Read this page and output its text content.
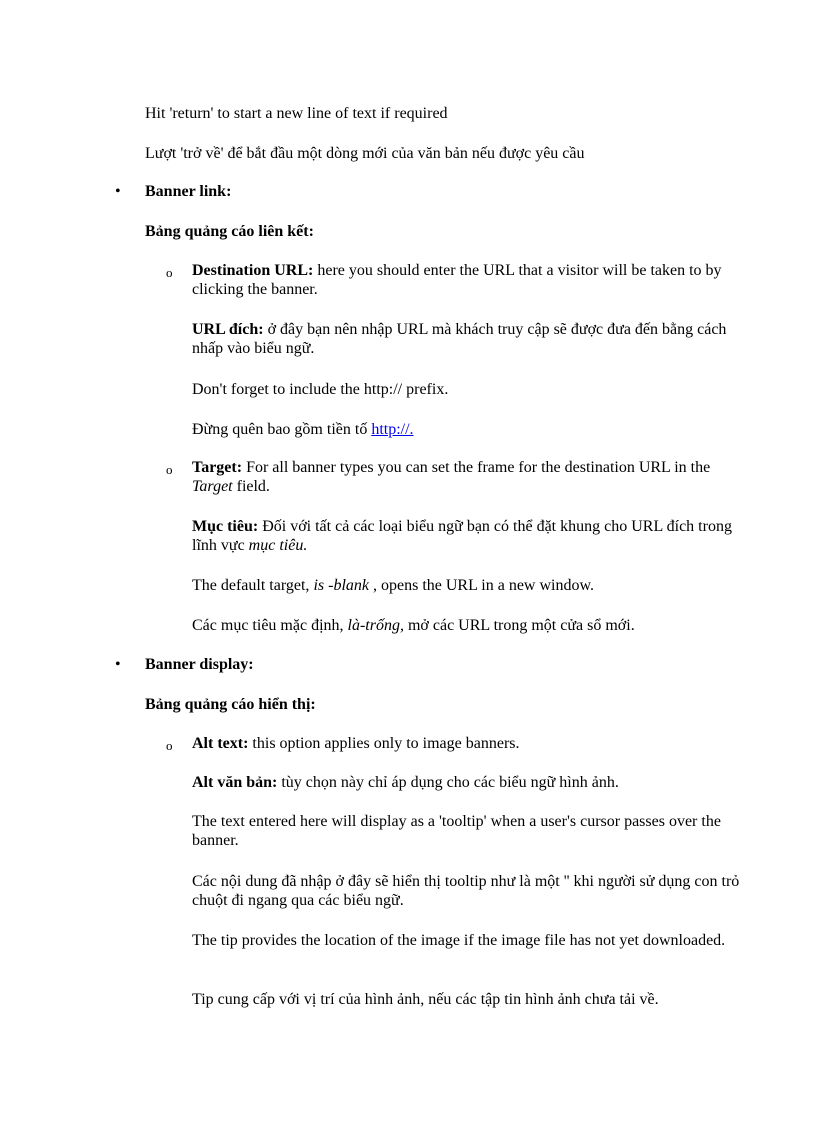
Hit 'return' to start a new line of text if required

Lượt 'trở về' để bắt đầu một dòng mới của văn bản nếu được yêu cầu

• Banner link:

Bảng quảng cáo liên kết:

o Destination URL: here you should enter the URL that a visitor will be taken to by clicking the banner.

URL đích: ở đây bạn nên nhập URL mà khách truy cập sẽ được đưa đến bằng cách nhấp vào biểu ngữ.

Don't forget to include the http:// prefix.

Đừng quên bao gồm tiền tố http://.

o Target: For all banner types you can set the frame for the destination URL in the Target field.

Mục tiêu: Đối với tất cả các loại biểu ngữ bạn có thể đặt khung cho URL đích trong lĩnh vực mục tiêu.

The default target, is -blank , opens the URL in a new window.

Các mục tiêu mặc định, là-trống, mở các URL trong một cửa sổ mới.

• Banner display:

Bảng quảng cáo hiển thị:

o Alt text: this option applies only to image banners.

Alt văn bản: tùy chọn này chỉ áp dụng cho các biểu ngữ hình ảnh.

The text entered here will display as a 'tooltip' when a user's cursor passes over the banner.

Các nội dung đã nhập ở đây sẽ hiển thị tooltip như là một '' khi người sử dụng con trỏ chuột đi ngang qua các biểu ngữ.

The tip provides the location of the image if the image file has not yet downloaded.

Tip cung cấp với vị trí của hình ảnh, nếu các tập tin hình ảnh chưa tải về.
